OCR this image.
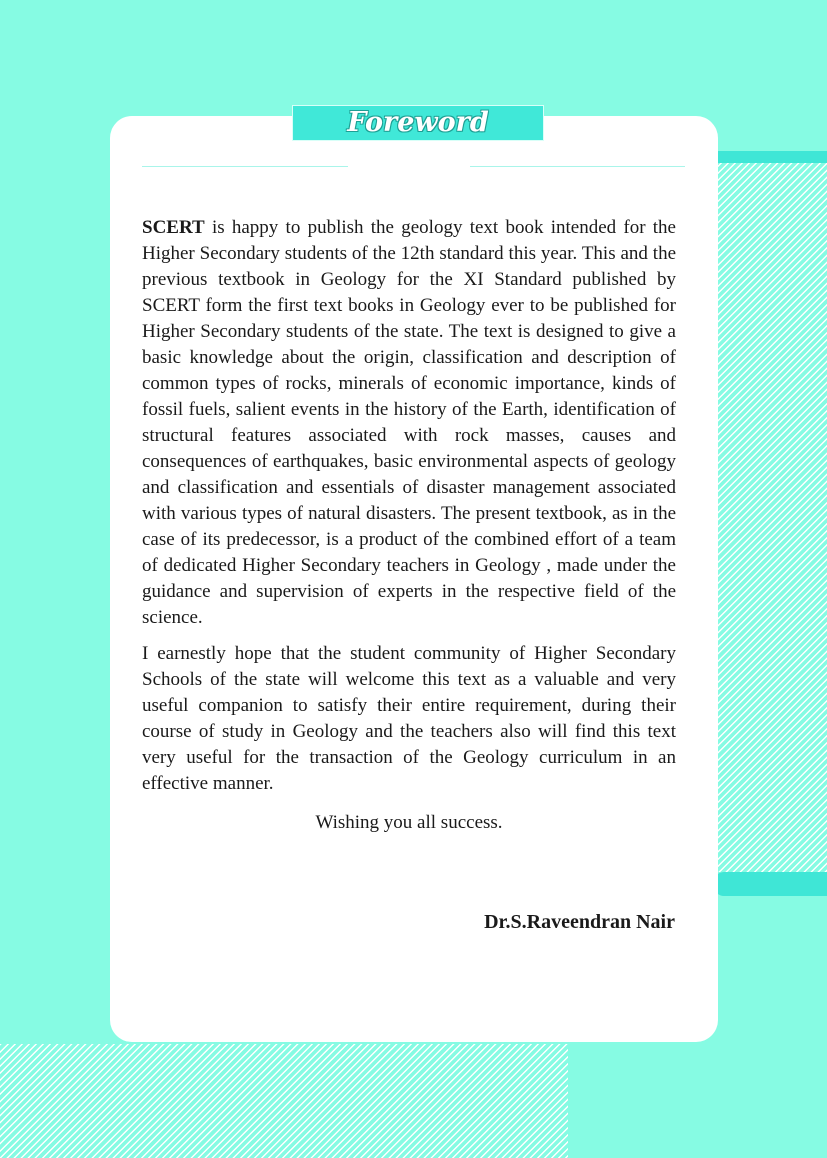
Foreword

SCERT is happy to publish the geology text book intended for the Higher Secondary students of the 12th standard this year. This and the previous textbook in Geology for the XI Standard published by SCERT form the first text books in Geology ever to be published for Higher Secondary students of the state. The text is designed to give a basic knowledge about the origin, classification and description of common types of rocks, minerals of economic importance, kinds of fossil fuels, salient events in the history of the Earth, identification of structural features associated with rock masses, causes and consequences of earthquakes, basic environmental aspects of geology and classification and essentials of disaster management associated with various types of natural disasters. The present textbook, as in the case of its predecessor, is a product of the combined effort of a team of dedicated Higher Secondary teachers in Geology , made under the guidance and supervision of experts in the respective field of the science.

I earnestly hope that the student community of Higher Secondary Schools of the state will welcome this text as a valuable and very useful companion to satisfy their entire requirement, during their course of study in Geology and the teachers also will find this text very useful for the transaction of the Geology curriculum in an effective manner.

Wishing you all success.
Dr.S.Raveendran Nair
